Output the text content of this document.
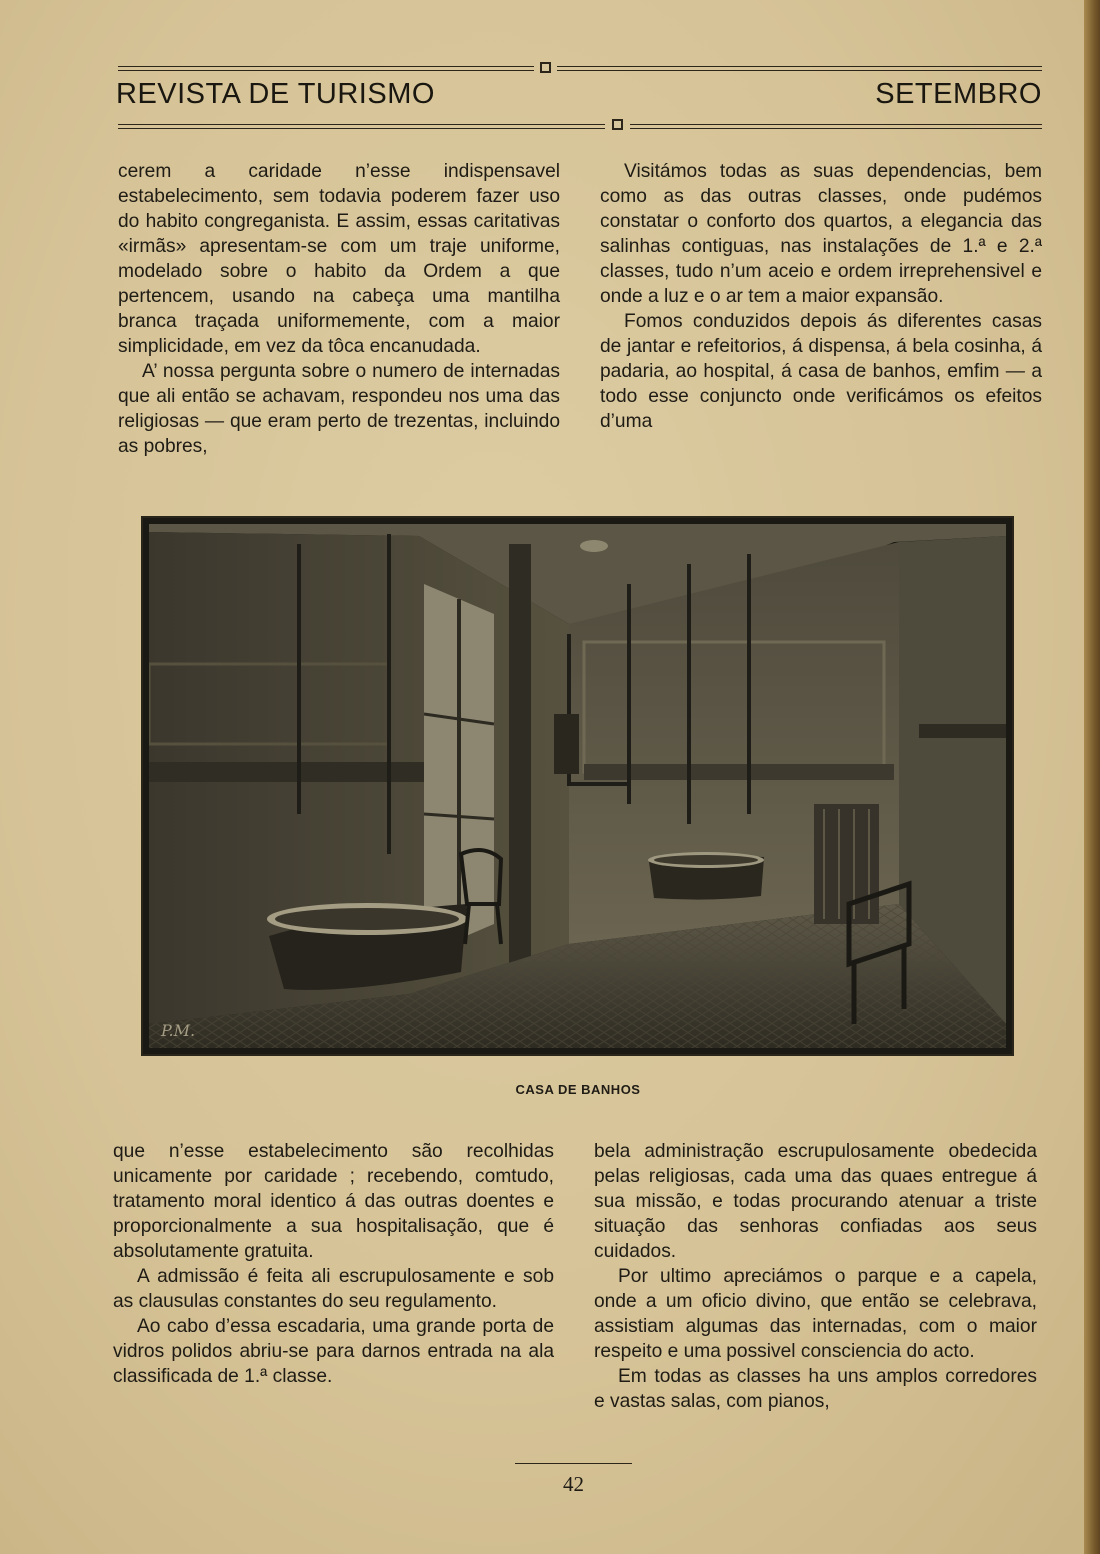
REVISTA DE TURISMO	SETEMBRO

cerem a caridade n’esse indispensavel estabelecimento, sem todavia poderem fazer uso do habito congreganista. E assim, essas caritativas «irmãs» apresentam-se com um traje uniforme, modelado sobre o habito da Ordem a que pertencem, usando na cabeça uma mantilha branca traçada uniformemente, com a maior simplicidade, em vez da tôca encanudada.

A’ nossa pergunta sobre o numero de internadas que ali então se achavam, respondeu nos uma das religiosas — que eram perto de trezentas, incluindo as pobres,

Visitámos todas as suas dependencias, bem como as das outras classes, onde pudémos constatar o conforto dos quartos, a elegancia das salinhas contiguas, nas instalações de 1.ª e 2.ª classes, tudo n’um aceio e ordem irreprehensivel e onde a luz e o ar tem a maior expansão.

Fomos conduzidos depois ás diferentes casas de jantar e refeitorios, á dispensa, á bela cosinha, á padaria, ao hospital, á casa de banhos, emfim — a todo esse conjuncto onde verificámos os efeitos d’uma

P.M.
CASA DE BANHOS

que n’esse estabelecimento são recolhidas unicamente por caridade ; recebendo, comtudo, tratamento moral identico á das outras doentes e proporcionalmente a sua hospitalisação, que é absolutamente gratuita.

A admissão é feita ali escrupulosamente e sob as clausulas constantes do seu regulamento.

Ao cabo d’essa escadaria, uma grande porta de vidros polidos abriu-se para darnos entrada na ala classificada de 1.ª classe.

bela administração escrupulosamente obedecida pelas religiosas, cada uma das quaes entregue á sua missão, e todas procurando atenuar a triste situação das senhoras confiadas aos seus cuidados.

Por ultimo apreciámos o parque e a capela, onde a um oficio divino, que então se celebrava, assistiam algumas das internadas, com o maior respeito e uma possivel consciencia do acto.

Em todas as classes ha uns amplos corredores e vastas salas, com pianos,

42
